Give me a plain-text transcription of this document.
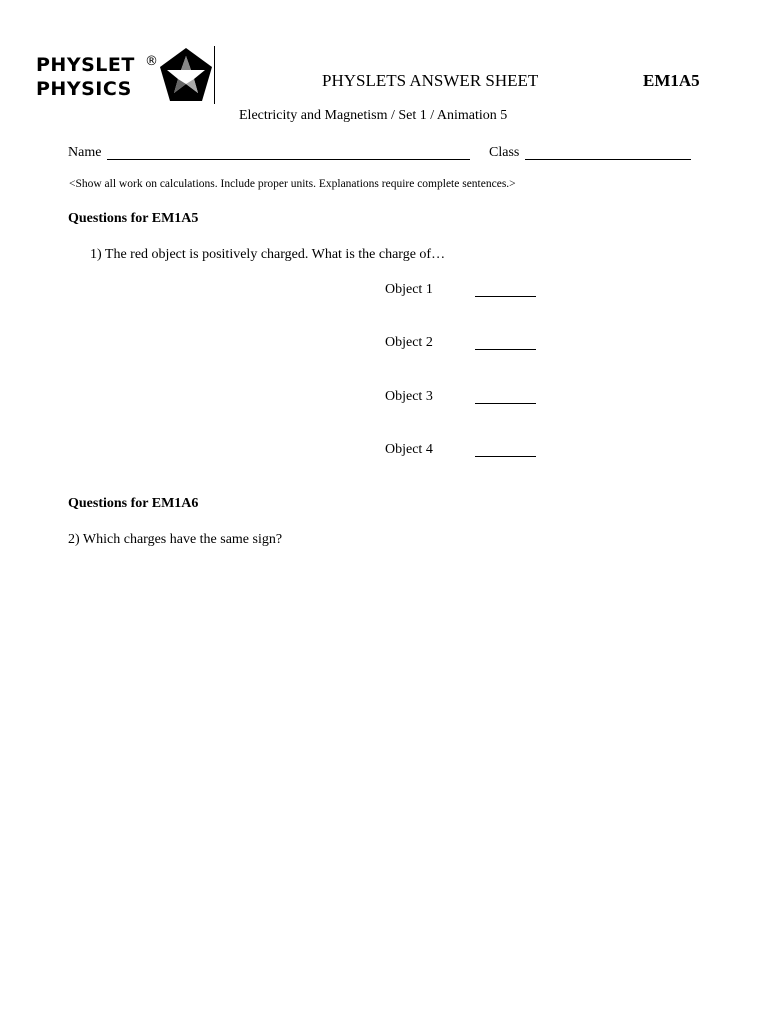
PHYSLET
PHYSICS
®
PHYSLETS ANSWER SHEET	EM1A5
Electricity and Magnetism / Set 1 / Animation 5
Name	Class
<Show all work on calculations. Include proper units. Explanations require complete sentences.>
Questions for EM1A5
1) The red object is positively charged. What is the charge of…
Object 1
Object 2
Object 3
Object 4
Questions for EM1A6
2) Which charges have the same sign?
